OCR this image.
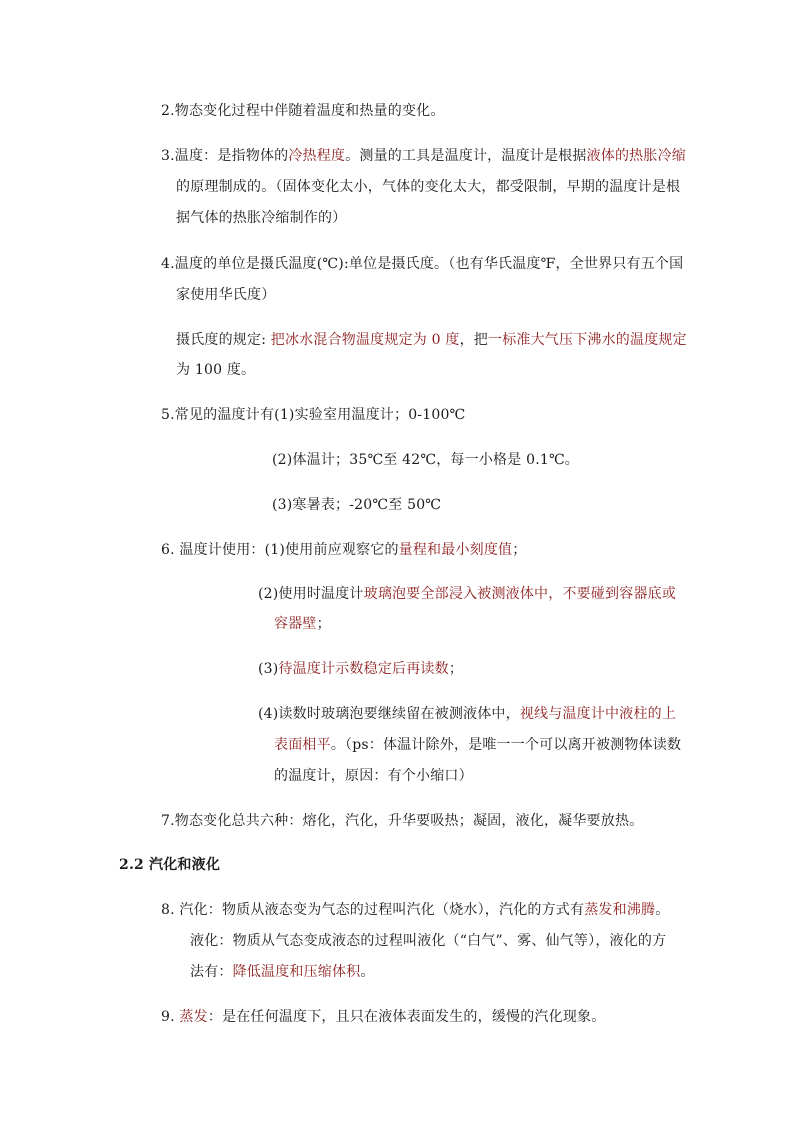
2.物态变化过程中伴随着温度和热量的变化。
3.温度：是指物体的冷热程度。测量的工具是温度计，温度计是根据液体的热胀冷缩
的原理制成的。（固体变化太小，气体的变化太大，都受限制，早期的温度计是根
据气体的热胀冷缩制作的）
4.温度的单位是摄氏温度(℃):单位是摄氏度。（也有华氏温度℉，全世界只有五个国
家使用华氏度）
摄氏度的规定: 把冰水混合物温度规定为 0 度，把一标准大气压下沸水的温度规定
为 100 度。
5.常见的温度计有(1)实验室用温度计；0-100℃
(2)体温计；35℃至 42℃，每一小格是 0.1℃。
(3)寒暑表；-20℃至 50℃
6. 温度计使用：(1)使用前应观察它的量程和最小刻度值；
(2)使用时温度计玻璃泡要全部浸入被测液体中，不要碰到容器底或
容器壁；
(3)待温度计示数稳定后再读数；
(4)读数时玻璃泡要继续留在被测液体中，视线与温度计中液柱的上
表面相平。（ps：体温计除外，是唯一一个可以离开被测物体读数
的温度计，原因：有个小缩口）
7.物态变化总共六种：熔化，汽化，升华要吸热；凝固，液化，凝华要放热。
2.2 汽化和液化
8. 汽化：物质从液态变为气态的过程叫汽化（烧水），汽化的方式有蒸发和沸腾。
液化：物质从气态变成液态的过程叫液化（“白气”、雾、仙气等），液化的方
法有：降低温度和压缩体积。
9. 蒸发：是在任何温度下，且只在液体表面发生的，缓慢的汽化现象。
